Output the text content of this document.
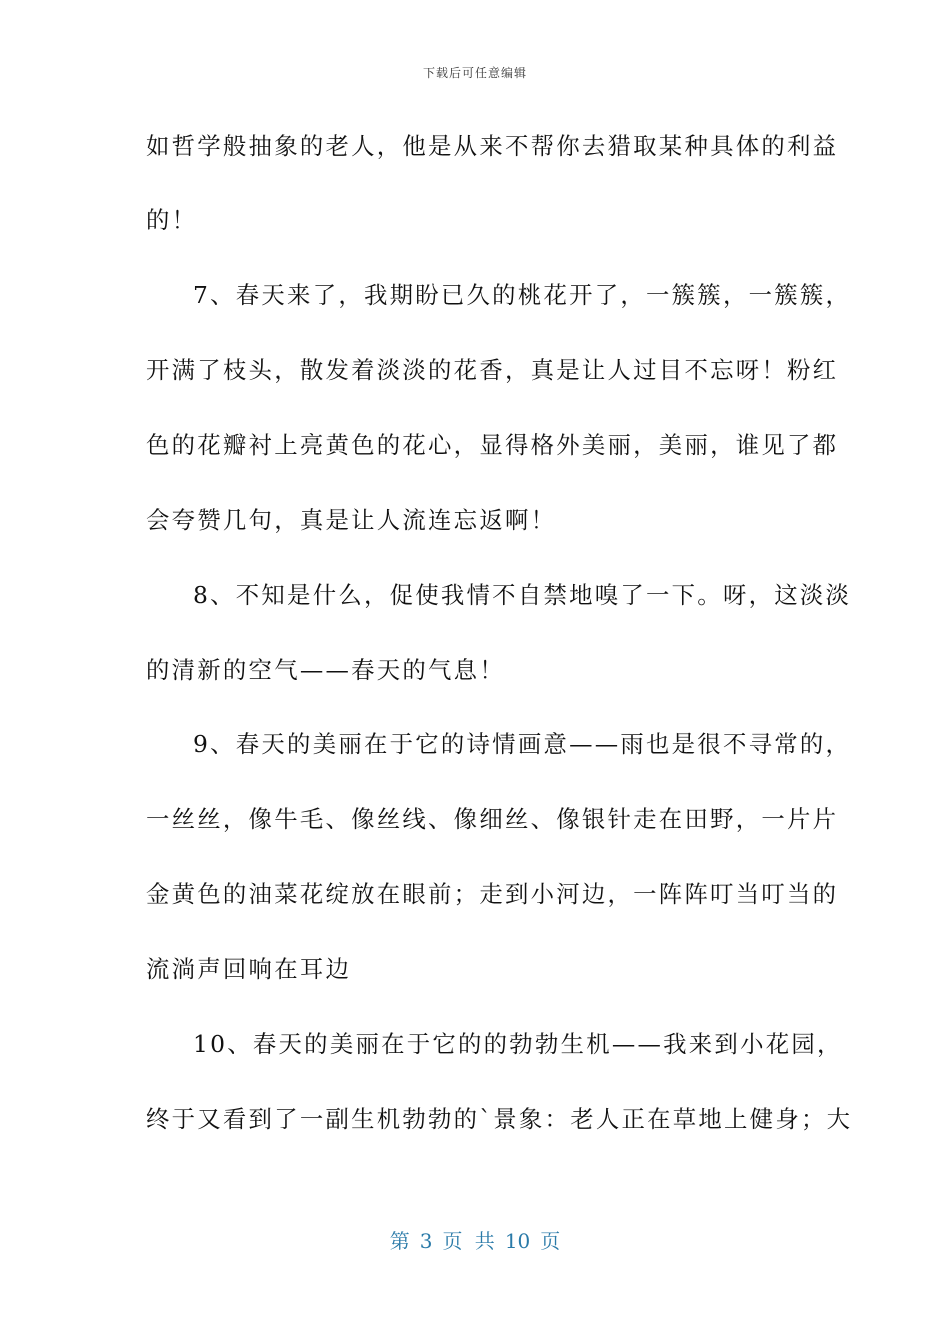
下载后可任意编辑
如哲学般抽象的老人，他是从来不帮你去猎取某种具体的利益
的！
7、春天来了，我期盼已久的桃花开了，一簇簇，一簇簇，
开满了枝头，散发着淡淡的花香，真是让人过目不忘呀！粉红
色的花瓣衬上亮黄色的花心，显得格外美丽，美丽，谁见了都
会夸赞几句，真是让人流连忘返啊！
8、不知是什么，促使我情不自禁地嗅了一下。呀，这淡淡
的清新的空气——春天的气息！
9、春天的美丽在于它的诗情画意——雨也是很不寻常的，
一丝丝，像牛毛、像丝线、像细丝、像银针走在田野，一片片
金黄色的油菜花绽放在眼前；走到小河边，一阵阵叮当叮当的
流淌声回响在耳边
10、春天的美丽在于它的的勃勃生机——我来到小花园，
终于又看到了一副生机勃勃的`景象：老人正在草地上健身；大
第 3 页 共 10 页
